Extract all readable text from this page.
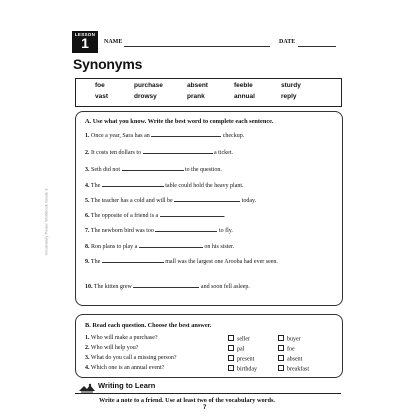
Vocabulary Power Workbook Grade 3
LESSON
1	NAME	DATE
Synonyms
foe	purchase	absent	feeble	sturdy
vast	drowsy	prank	annual	reply
A. Use what you know. Write the best word to complete each sentence.
1. Once a year, Sara has an	checkup.
2. It costs ten dollars to	a ticket.
3. Seth did not	to the question.
4. The	table could hold the heavy plant.
5. The teacher has a cold and will be	today.
6. The opposite of a friend is a	.
7. The newborn bird was too	to fly.
8. Ron plans to play a	on his sister.
9. The	mall was the largest one Arooba had ever seen.
10. The kitten grew	and soon fell asleep.
B. Read each question. Choose the best answer.
1. Who will make a purchase?	seller	buyer
2. Who will help you?	pal	foe
3. What do you call a missing person?	present	absent
4. Which one is an annual event?	birthday	breakfast
Writing to Learn
Write a note to a friend. Use at least two of the vocabulary words.
7
